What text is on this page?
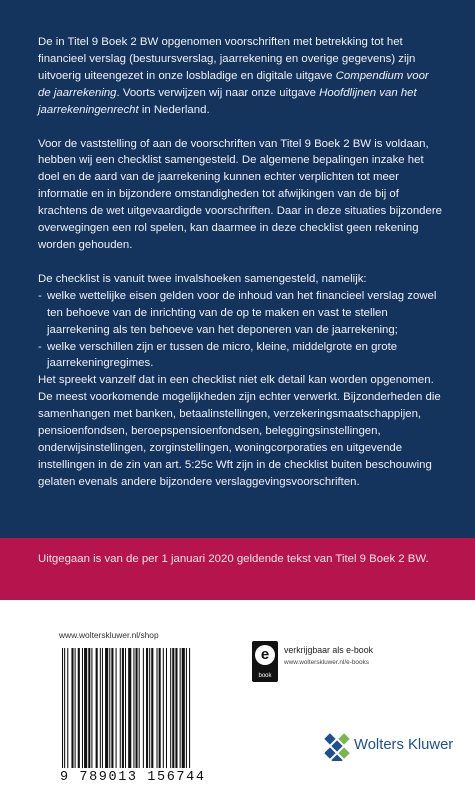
De in Titel 9 Boek 2 BW opgenomen voorschriften met betrekking tot het financieel verslag (bestuursverslag, jaarrekening en overige gegevens) zijn uitvoerig uiteengezet in onze losbladige en digitale uitgave Compendium voor de jaarrekening. Voorts verwijzen wij naar onze uitgave Hoofdlijnen van het jaarrekeningenrecht in Nederland.

Voor de vaststelling of aan de voorschriften van Titel 9 Boek 2 BW is voldaan, hebben wij een checklist samengesteld. De algemene bepalingen inzake het doel en de aard van de jaarrekening kunnen echter verplichten tot meer informatie en in bijzondere omstandigheden tot afwijkingen van de bij of krachtens de wet uitgevaardigde voorschriften. Daar in deze situaties bijzondere overwegingen een rol spelen, kan daarmee in deze checklist geen rekening worden gehouden.

De checklist is vanuit twee invalshoeken samengesteld, namelijk:

- welke wettelijke eisen gelden voor de inhoud van het financieel verslag zowel ten behoeve van de inrichting van de op te maken en vast te stellen jaarrekening als ten behoeve van het deponeren van de jaarrekening;
- welke verschillen zijn er tussen de micro, kleine, middelgrote en grote jaarrekeningregimes.

Het spreekt vanzelf dat in een checklist niet elk detail kan worden opgenomen. De meest voorkomende mogelijkheden zijn echter verwerkt. Bijzonderheden die samenhangen met banken, betaalinstellingen, verzekeringsmaatschappijen, pensioenfondsen, beroepspensioenfondsen, beleggingsinstellingen, onderwijsinstellingen, zorginstellingen, woningcorporaties en uitgevende instellingen in de zin van art. 5:25c Wft zijn in de checklist buiten beschouwing gelaten evenals andere bijzondere verslaggevingsvoorschriften.

Uitgegaan is van de per 1 januari 2020 geldende tekst van Titel 9 Boek 2 BW.
www.wolterskluwer.nl/shop
9 789013 156744
e
book
verkrijgbaar als e-book
www.wolterskluwer.nl/e-books
Wolters Kluwer
